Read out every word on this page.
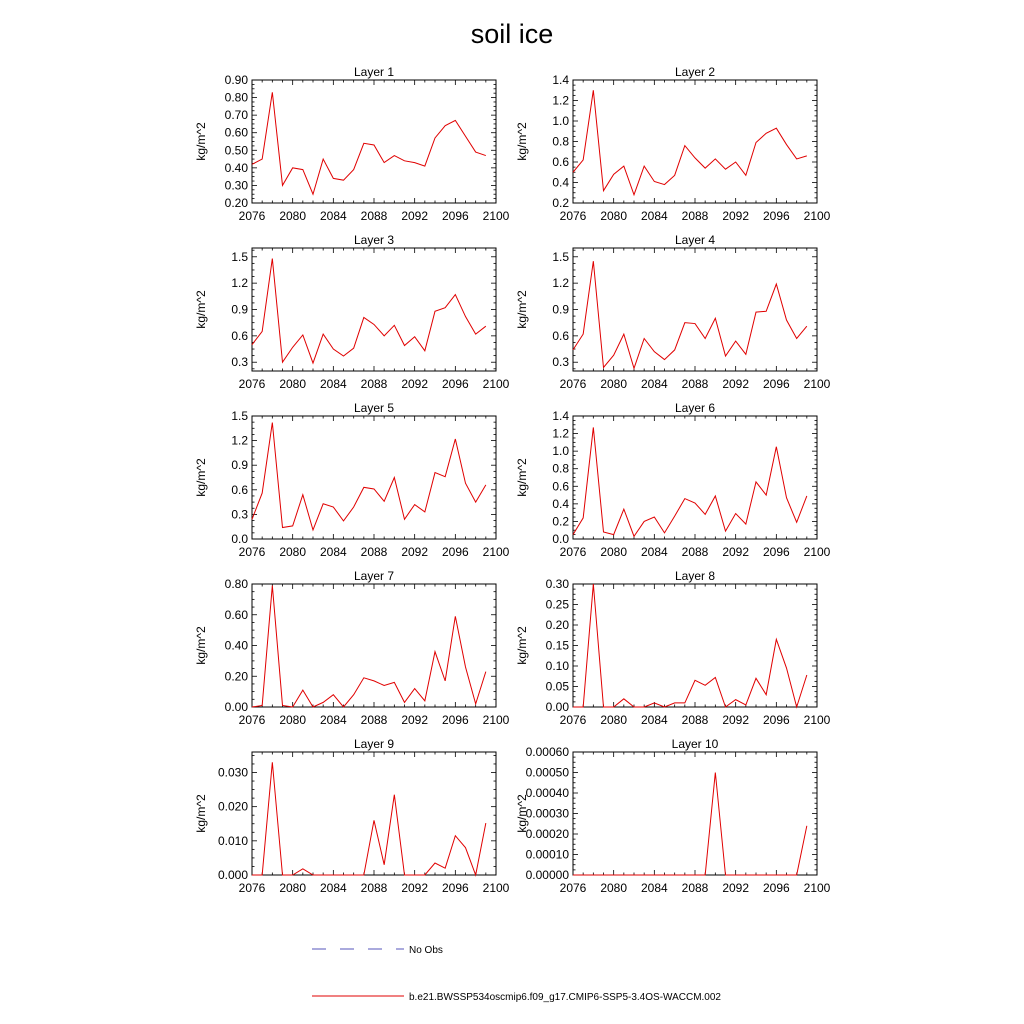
soil ice
Layer 1
kg/m^2
2076 2080 2084 2088 2092 2096 2100
0.20
0.30
0.40
0.50
0.60
0.70
0.80
0.90
Layer 2
kg/m^2
2076 2080 2084 2088 2092 2096 2100
0.2
0.4
0.6
0.8
1.0
1.2
1.4
Layer 3
kg/m^2
2076 2080 2084 2088 2092 2096 2100
0.3
0.6
0.9
1.2
1.5
Layer 4
kg/m^2
2076 2080 2084 2088 2092 2096 2100
0.3
0.6
0.9
1.2
1.5
Layer 5
kg/m^2
2076 2080 2084 2088 2092 2096 2100
0.0
0.3
0.6
0.9
1.2
1.5
Layer 6
kg/m^2
2076 2080 2084 2088 2092 2096 2100
0.0
0.2
0.4
0.6
0.8
1.0
1.2
1.4
Layer 7
kg/m^2
2076 2080 2084 2088 2092 2096 2100
0.00
0.20
0.40
0.60
0.80
Layer 8
kg/m^2
2076 2080 2084 2088 2092 2096 2100
0.00
0.05
0.10
0.15
0.20
0.25
0.30
Layer 9
kg/m^2
2076 2080 2084 2088 2092 2096 2100
0.000
0.010
0.020
0.030
Layer 10
kg/m^2
2076 2080 2084 2088 2092 2096 2100
0.00000
0.00010
0.00020
0.00030
0.00040
0.00050
0.00060
No Obs
b.e21.BWSSP534oscmip6.f09_g17.CMIP6-SSP5-3.4OS-WACCM.002
